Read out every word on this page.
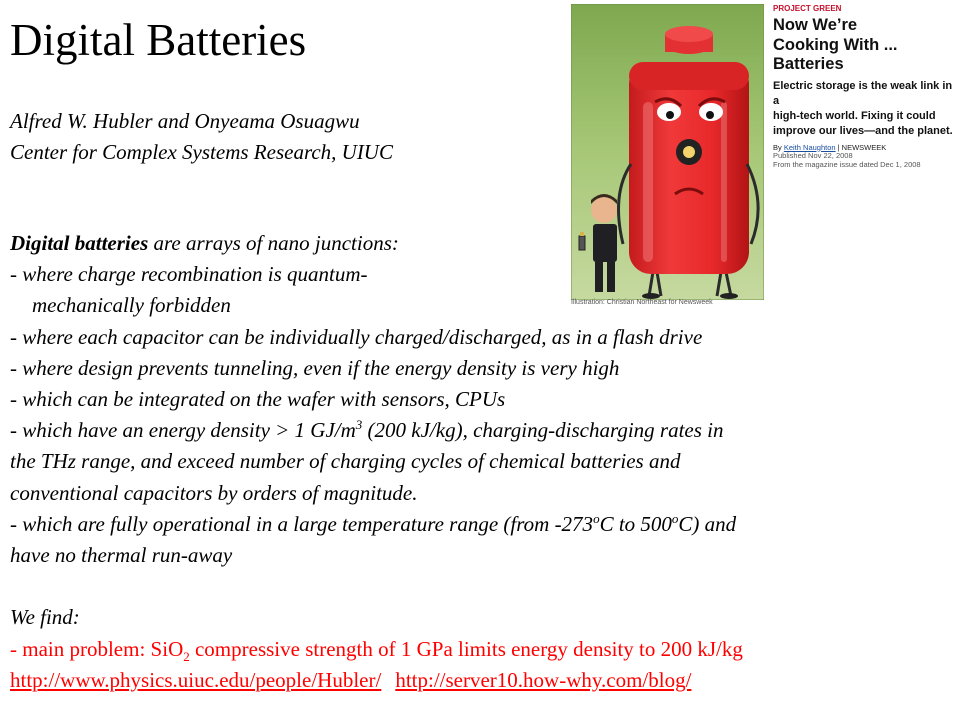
Digital Batteries
Alfred W. Hubler and Onyeama Osuagwu
Center for Complex Systems Research, UIUC
Digital batteries are arrays of nano junctions:
- where charge recombination is quantum-
mechanically forbidden
- where each capacitor can be individually charged/discharged, as in a flash drive
- where design prevents tunneling, even if the energy density is very high
- which can be integrated on the wafer with sensors, CPUs
- which have an energy density > 1 $GJ/m^3$ (200 kJ/kg), charging-discharging rates in
the THz range, and exceed number of charging cycles of chemical batteries and
conventional capacitors by orders of magnitude.
- which are fully operational in a large temperature range (from -273$^o$C to 500$^o$C) and
have no thermal run-away

We find:
- main problem: SiO$_2$ compressive strength of 1 GPa limits energy density to 200 kJ/kg
http://www.physics.uiuc.edu/people/Hubler/ http://server10.how-why.com/blog/
Illustration: Christian Northeast for Newsweek
PROJECT GREEN
Now We’re
Cooking With ...
Batteries
Electric storage is the weak link in a
high-tech world. Fixing it could
improve our lives—and the planet.
By Keith Naughton | NEWSWEEK
Published Nov 22, 2008
From the magazine issue dated Dec 1, 2008
